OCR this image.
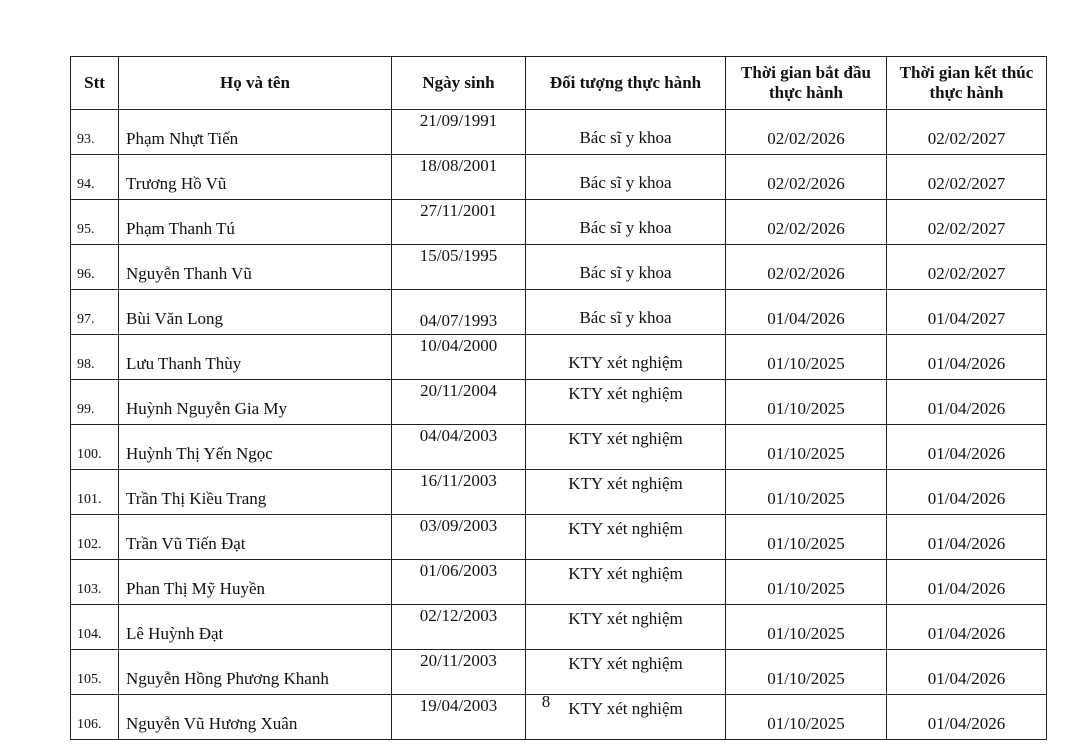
Stt	Họ và tên	Ngày sinh	Đối tượng thực hành	Thời gian bắt đầu thực hành	Thời gian kết thúc thực hành
93.	Phạm Nhựt Tiến	21/09/1991	Bác sĩ y khoa	02/02/2026	02/02/2027
94.	Trương Hồ Vũ	18/08/2001	Bác sĩ y khoa	02/02/2026	02/02/2027
95.	Phạm Thanh Tú	27/11/2001	Bác sĩ y khoa	02/02/2026	02/02/2027
96.	Nguyễn Thanh Vũ	15/05/1995	Bác sĩ y khoa	02/02/2026	02/02/2027
97.	Bùi Văn Long	04/07/1993	Bác sĩ y khoa	01/04/2026	01/04/2027
98.	Lưu Thanh Thùy	10/04/2000	KTY xét nghiệm	01/10/2025	01/04/2026
99.	Huỳnh Nguyễn Gia My	20/11/2004	KTY xét nghiệm	01/10/2025	01/04/2026
100.	Huỳnh Thị Yến Ngọc	04/04/2003	KTY xét nghiệm	01/10/2025	01/04/2026
101.	Trần Thị Kiều Trang	16/11/2003	KTY xét nghiệm	01/10/2025	01/04/2026
102.	Trần Vũ Tiến Đạt	03/09/2003	KTY xét nghiệm	01/10/2025	01/04/2026
103.	Phan Thị Mỹ Huyền	01/06/2003	KTY xét nghiệm	01/10/2025	01/04/2026
104.	Lê Huỳnh Đạt	02/12/2003	KTY xét nghiệm	01/10/2025	01/04/2026
105.	Nguyễn Hồng Phương Khanh	20/11/2003	KTY xét nghiệm	01/10/2025	01/04/2026
106.	Nguyễn Vũ Hương Xuân	19/04/2003	KTY xét nghiệm	01/10/2025	01/04/2026
8
